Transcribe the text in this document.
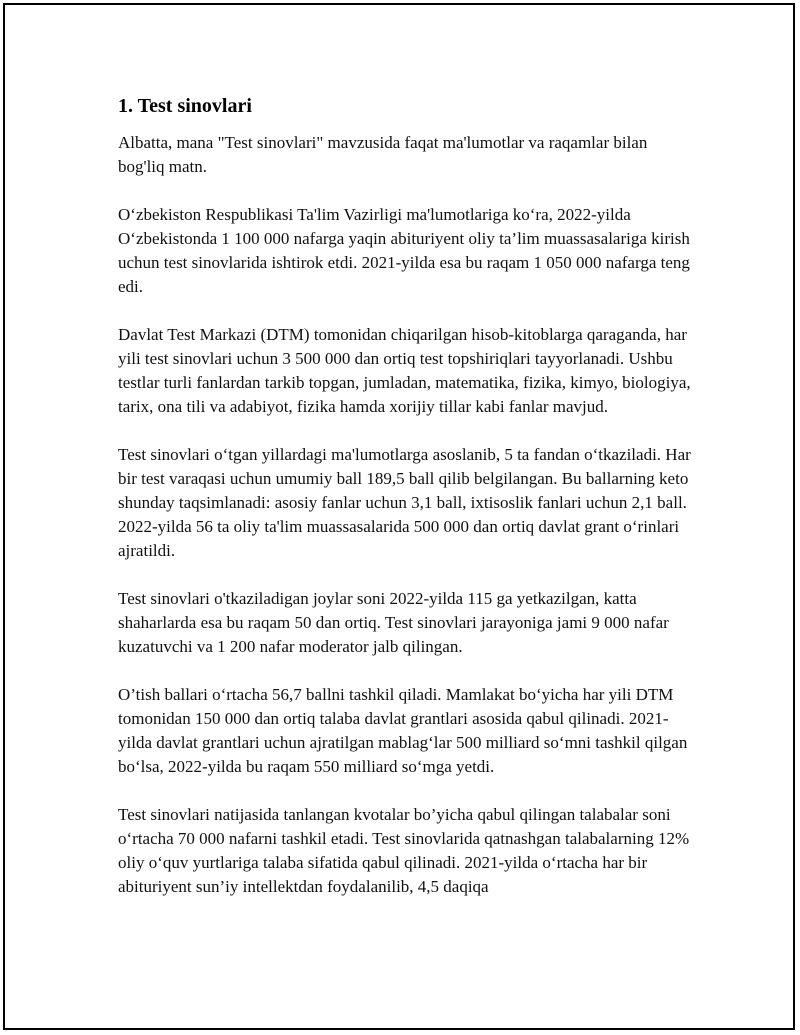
1. Test sinovlari

Albatta, mana "Test sinovlari" mavzusida faqat ma'lumotlar va raqamlar bilan bog'liq matn.

O‘zbekiston Respublikasi Ta'lim Vazirligi ma'lumotlariga ko‘ra, 2022-yilda O‘zbekistonda 1 100 000 nafarga yaqin abituriyent oliy ta’lim muassasalariga kirish uchun test sinovlarida ishtirok etdi. 2021-yilda esa bu raqam 1 050 000 nafarga teng edi.

Davlat Test Markazi (DTM) tomonidan chiqarilgan hisob-kitoblarga qaraganda, har yili test sinovlari uchun 3 500 000 dan ortiq test topshiriqlari tayyorlanadi. Ushbu testlar turli fanlardan tarkib topgan, jumladan, matematika, fizika, kimyo, biologiya, tarix, ona tili va adabiyot, fizika hamda xorijiy tillar kabi fanlar mavjud.

Test sinovlari o‘tgan yillardagi ma'lumotlarga asoslanib, 5 ta fandan o‘tkaziladi. Har bir test varaqasi uchun umumiy ball 189,5 ball qilib belgilangan. Bu ballarning keto shunday taqsimlanadi: asosiy fanlar uchun 3,1 ball, ixtisoslik fanlari uchun 2,1 ball. 2022-yilda 56 ta oliy ta'lim muassasalarida 500 000 dan ortiq davlat grant o‘rinlari ajratildi.

Test sinovlari o'tkaziladigan joylar soni 2022-yilda 115 ga yetkazilgan, katta shaharlarda esa bu raqam 50 dan ortiq. Test sinovlari jarayoniga jami 9 000 nafar kuzatuvchi va 1 200 nafar moderator jalb qilingan.

O’tish ballari o‘rtacha 56,7 ballni tashkil qiladi. Mamlakat bo‘yicha har yili DTM tomonidan 150 000 dan ortiq talaba davlat grantlari asosida qabul qilinadi. 2021-yilda davlat grantlari uchun ajratilgan mablag‘lar 500 milliard so‘mni tashkil qilgan bo‘lsa, 2022-yilda bu raqam 550 milliard so‘mga yetdi.

Test sinovlari natijasida tanlangan kvotalar bo’yicha qabul qilingan talabalar soni o‘rtacha 70 000 nafarni tashkil etadi. Test sinovlarida qatnashgan talabalarning 12% oliy o‘quv yurtlariga talaba sifatida qabul qilinadi. 2021-yilda o‘rtacha har bir abituriyent sun’iy intellektdan foydalanilib, 4,5 daqiqa
